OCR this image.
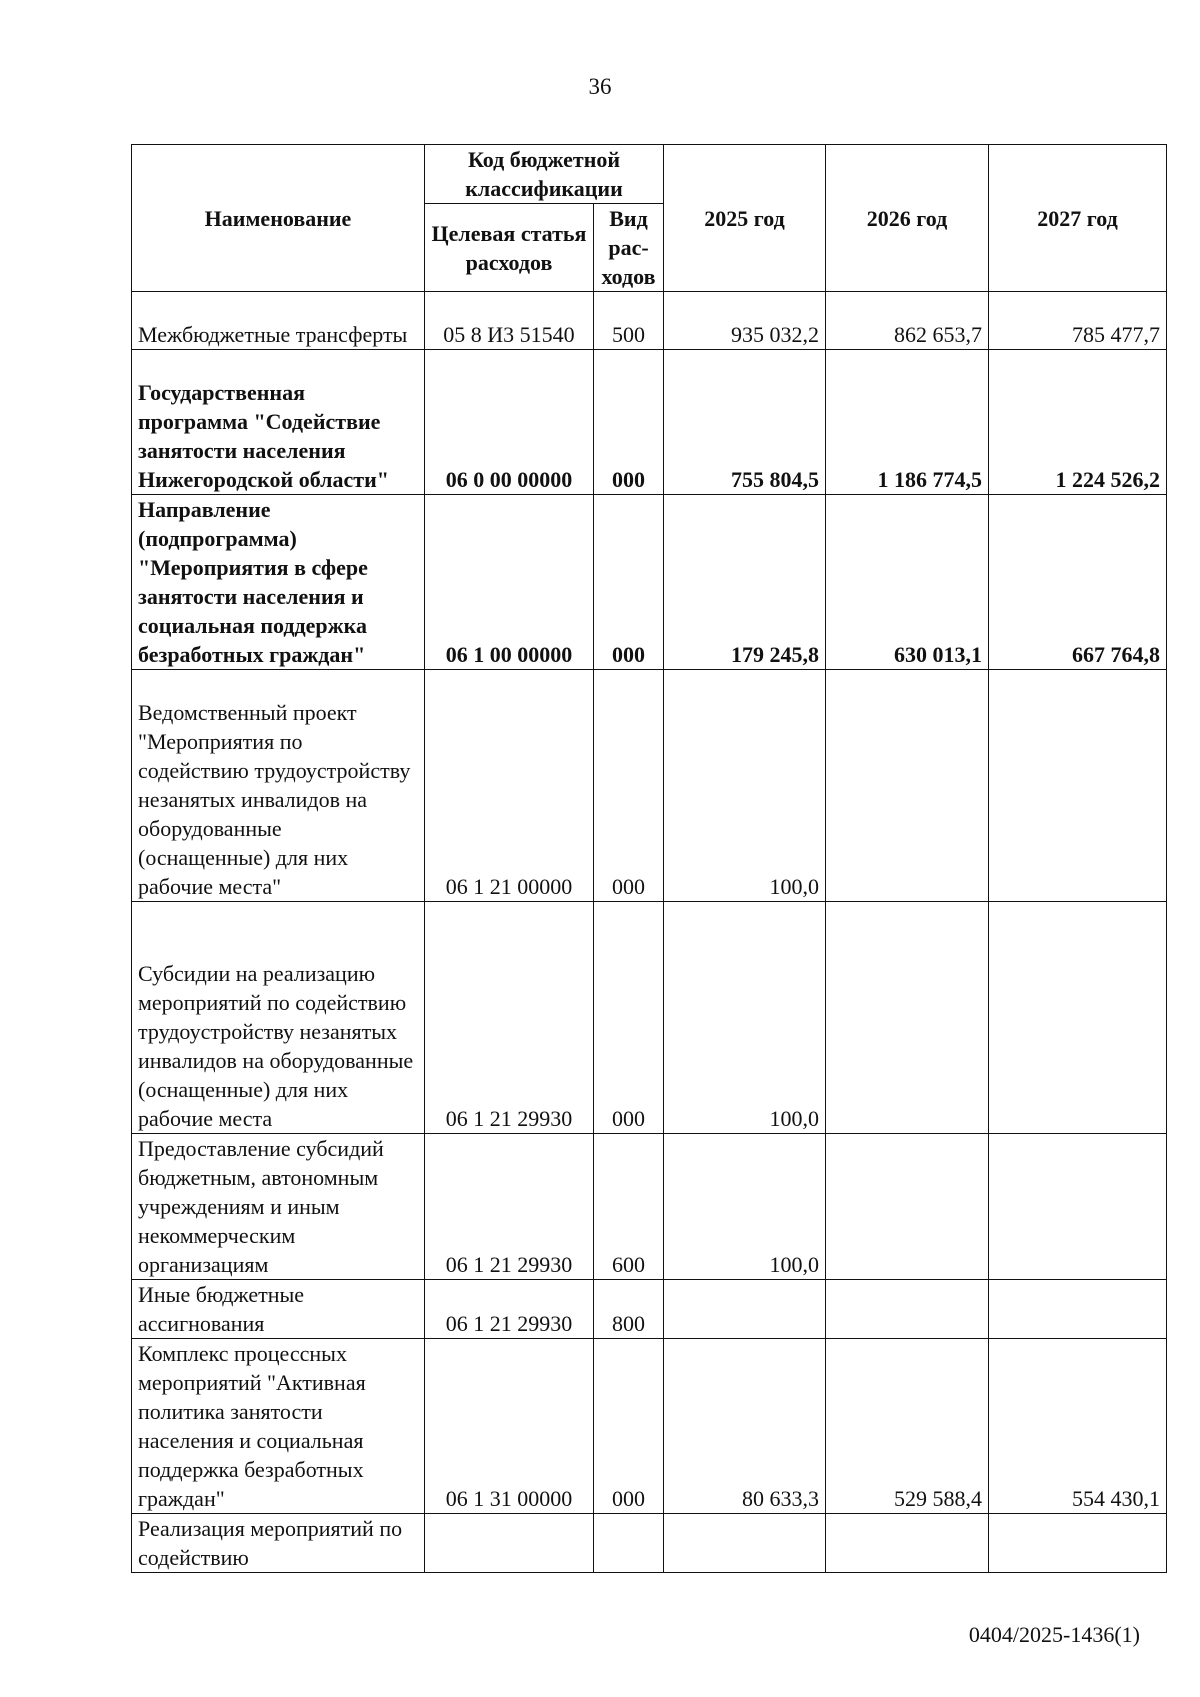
36
Наименование	Код бюджетной классификации		2025 год	2026 год	2027 год
	Целевая статья расходов	Вид рас-ходов			
Межбюджетные трансферты	05 8 И3 51540	500	935 032,2	862 653,7	785 477,7
Государственная программа "Содействие занятости населения Нижегородской области"	06 0 00 00000	000	755 804,5	1 186 774,5	1 224 526,2
Направление (подпрограмма) "Мероприятия в сфере занятости населения и социальная поддержка безработных граждан"	06 1 00 00000	000	179 245,8	630 013,1	667 764,8
Ведомственный проект "Мероприятия по содействию трудоустройству незанятых инвалидов на оборудованные (оснащенные) для них рабочие места"	06 1 21 00000	000	100,0		
Субсидии на реализацию мероприятий по содействию трудоустройству незанятых инвалидов на оборудованные (оснащенные) для них рабочие места	06 1 21 29930	000	100,0		
Предоставление субсидий бюджетным, автономным учреждениям и иным некоммерческим организациям	06 1 21 29930	600	100,0		
Иные бюджетные ассигнования	06 1 21 29930	800			
Комплекс процессных мероприятий "Активная политика занятости населения и социальная поддержка безработных граждан"	06 1 31 00000	000	80 633,3	529 588,4	554 430,1
Реализация мероприятий по содействию					
0404/2025-1436(1)
